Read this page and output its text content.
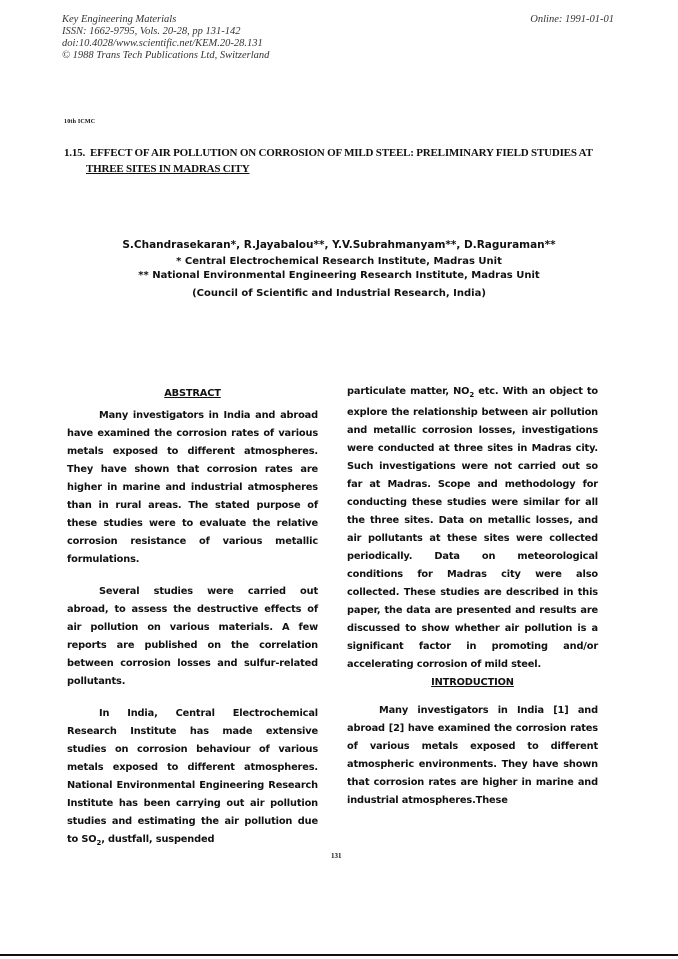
Key Engineering Materials
ISSN: 1662-9795, Vols. 20-28, pp 131-142
doi:10.4028/www.scientific.net/KEM.20-28.131
© 1988 Trans Tech Publications Ltd, Switzerland
Online: 1991-01-01
10th ICMC
1.15. EFFECT OF AIR POLLUTION ON CORROSION OF MILD STEEL: PRELIMINARY FIELD STUDIES AT
THREE SITES IN MADRAS CITY
S.Chandrasekaran*, R.Jayabalou**, Y.V.Subrahmanyam**, D.Raguraman**
* Central Electrochemical Research Institute, Madras Unit
** National Environmental Engineering Research Institute, Madras Unit
(Council of Scientific and Industrial Research, India)

ABSTRACT

Many investigators in India and abroad have examined the corrosion rates of various metals exposed to different atmospheres. They have shown that corrosion rates are higher in marine and industrial atmospheres than in rural areas. The stated purpose of these studies were to evaluate the relative corrosion resistance of various metallic formulations.

Several studies were carried out abroad, to assess the destructive effects of air pollution on various materials. A few reports are published on the correlation between corrosion losses and sulfur-related pollutants.

In India, Central Electrochemical Research Institute has made extensive studies on corrosion behaviour of various metals exposed to different atmospheres. National Environmental Engineering Research Institute has been carrying out air pollution studies and estimating the air pollution due to $SO_2$, dustfall, suspended

particulate matter, $NO_2$ etc. With an object to explore the relationship between air pollution and metallic corrosion losses, investigations were conducted at three sites in Madras city. Such investigations were not carried out so far at Madras. Scope and methodology for conducting these studies were similar for all the three sites. Data on metallic losses, and air pollutants at these sites were collected periodically. Data on meteorological conditions for Madras city were also collected. These studies are described in this paper, the data are presented and results are discussed to show whether air pollution is a significant factor in promoting and/or accelerating corrosion of mild steel.

INTRODUCTION

Many investigators in India [1] and abroad [2] have examined the corrosion rates of various metals exposed to different atmospheric environments. They have shown that corrosion rates are higher in marine and industrial atmospheres.These

131
